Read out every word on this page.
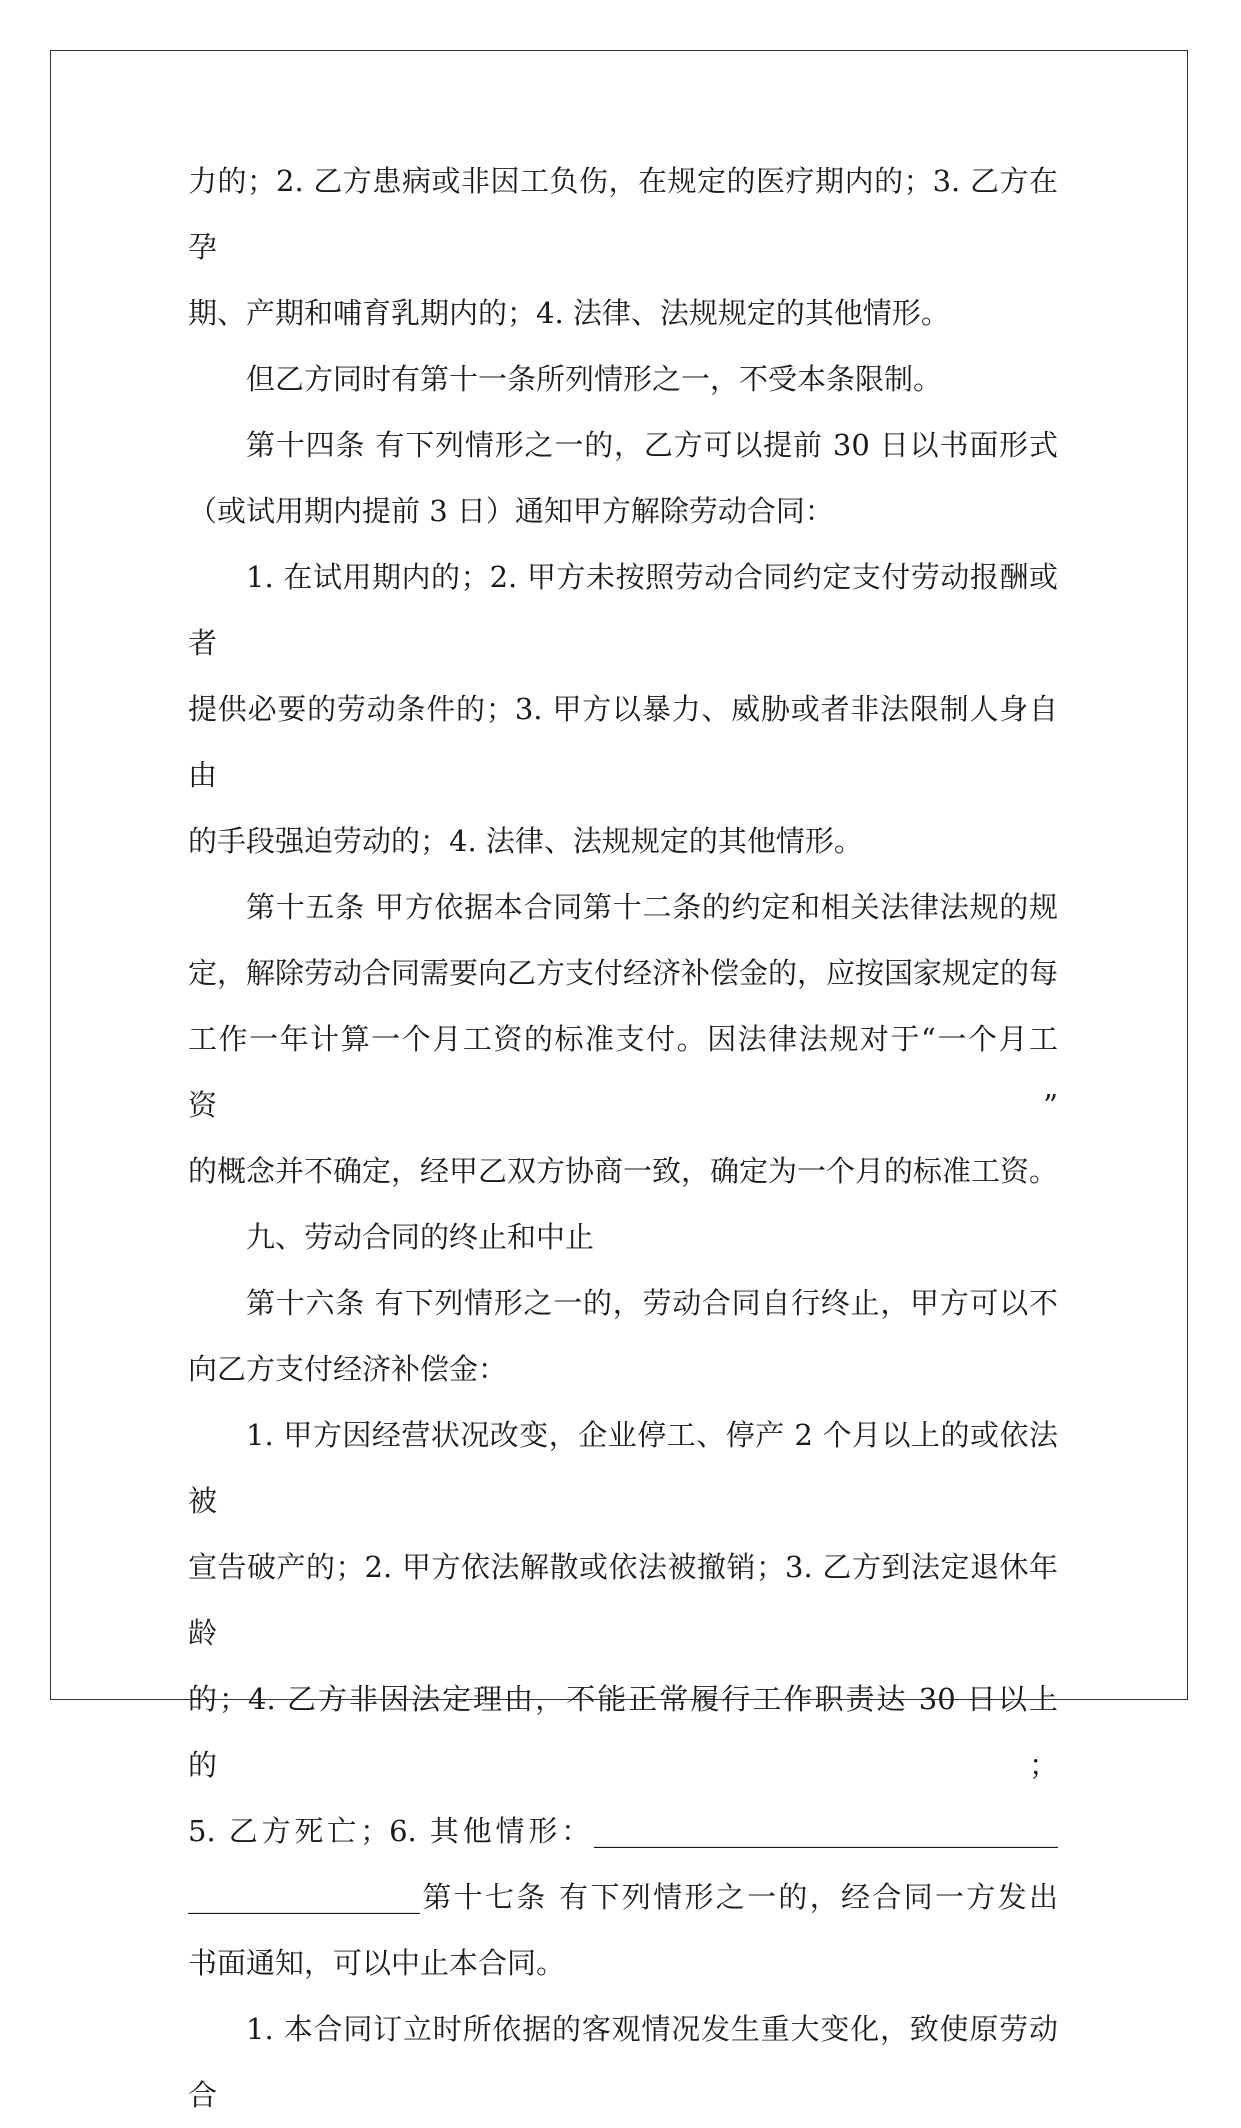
力的；2. 乙方患病或非因工负伤，在规定的医疗期内的；3. 乙方在孕
期、产期和哺育乳期内的；4. 法律、法规规定的其他情形。
但乙方同时有第十一条所列情形之一，不受本条限制。
第十四条 有下列情形之一的，乙方可以提前 30 日以书面形式
（或试用期内提前 3 日）通知甲方解除劳动合同：
1. 在试用期内的；2. 甲方未按照劳动合同约定支付劳动报酬或者
提供必要的劳动条件的；3. 甲方以暴力、威胁或者非法限制人身自由
的手段强迫劳动的；4. 法律、法规规定的其他情形。
第十五条 甲方依据本合同第十二条的约定和相关法律法规的规
定，解除劳动合同需要向乙方支付经济补偿金的，应按国家规定的每
工作一年计算一个月工资的标准支付。因法律法规对于“一个月工资”
的概念并不确定，经甲乙双方协商一致，确定为一个月的标准工资。
九、劳动合同的终止和中止
第十六条 有下列情形之一的，劳动合同自行终止，甲方可以不
向乙方支付经济补偿金：
1. 甲方因经营状况改变，企业停工、停产 2 个月以上的或依法被
宣告破产的；2. 甲方依法解散或依法被撤销；3. 乙方到法定退休年龄
的；4. 乙方非因法定理由，不能正常履行工作职责达 30 日以上的；
5. 乙方死亡；6. 其他情形：________________________________
________________第十七条 有下列情形之一的，经合同一方发出
书面通知，可以中止本合同。
1. 本合同订立时所依据的客观情况发生重大变化，致使原劳动合
